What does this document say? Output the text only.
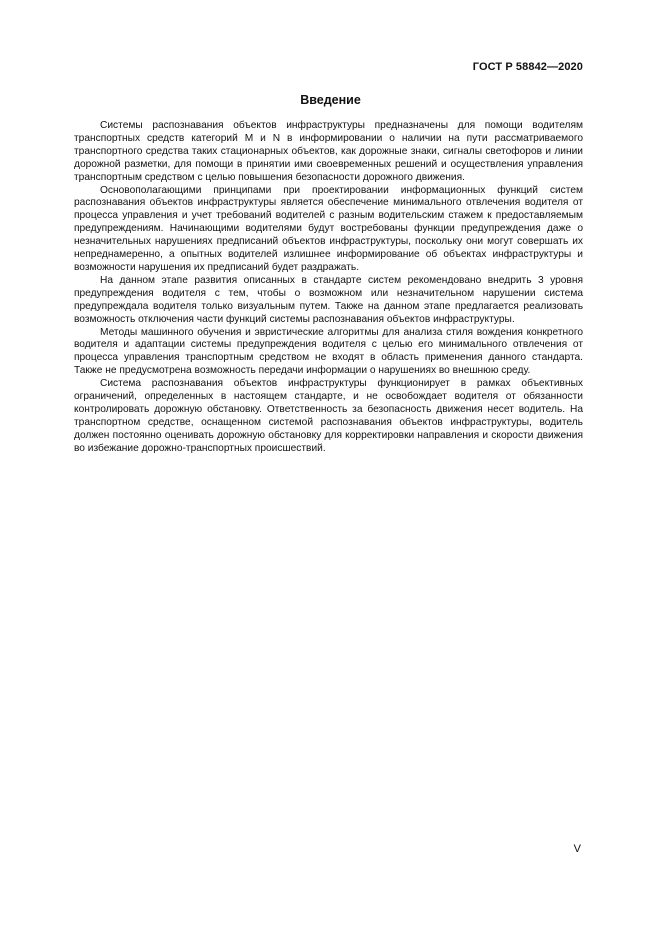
ГОСТ Р 58842—2020
Введение

Системы распознавания объектов инфраструктуры предназначены для помощи водителям транспортных средств категорий M и N в информировании о наличии на пути рассматриваемого транспортного средства таких стационарных объектов, как дорожные знаки, сигналы светофоров и линии дорожной разметки, для помощи в принятии ими своевременных решений и осуществления управления транспортным средством с целью повышения безопасности дорожного движения.

Основополагающими принципами при проектировании информационных функций систем распознавания объектов инфраструктуры является обеспечение минимального отвлечения водителя от процесса управления и учет требований водителей с разным водительским стажем к предоставляемым предупреждениям. Начинающими водителями будут востребованы функции предупреждения даже о незначительных нарушениях предписаний объектов инфраструктуры, поскольку они могут совершать их непреднамеренно, а опытных водителей излишнее информирование об объектах инфраструктуры и возможности нарушения их предписаний будет раздражать.

На данном этапе развития описанных в стандарте систем рекомендовано внедрить 3 уровня предупреждения водителя с тем, чтобы о возможном или незначительном нарушении система предупреждала водителя только визуальным путем. Также на данном этапе предлагается реализовать возможность отключения части функций системы распознавания объектов инфраструктуры.

Методы машинного обучения и эвристические алгоритмы для анализа стиля вождения конкретного водителя и адаптации системы предупреждения водителя с целью его минимального отвлечения от процесса управления транспортным средством не входят в область применения данного стандарта. Также не предусмотрена возможность передачи информации о нарушениях во внешнюю среду.

Система распознавания объектов инфраструктуры функционирует в рамках объективных ограничений, определенных в настоящем стандарте, и не освобождает водителя от обязанности контролировать дорожную обстановку. Ответственность за безопасность движения несет водитель. На транспортном средстве, оснащенном системой распознавания объектов инфраструктуры, водитель должен постоянно оценивать дорожную обстановку для корректировки направления и скорости движения во избежание дорожно-транспортных происшествий.

V
